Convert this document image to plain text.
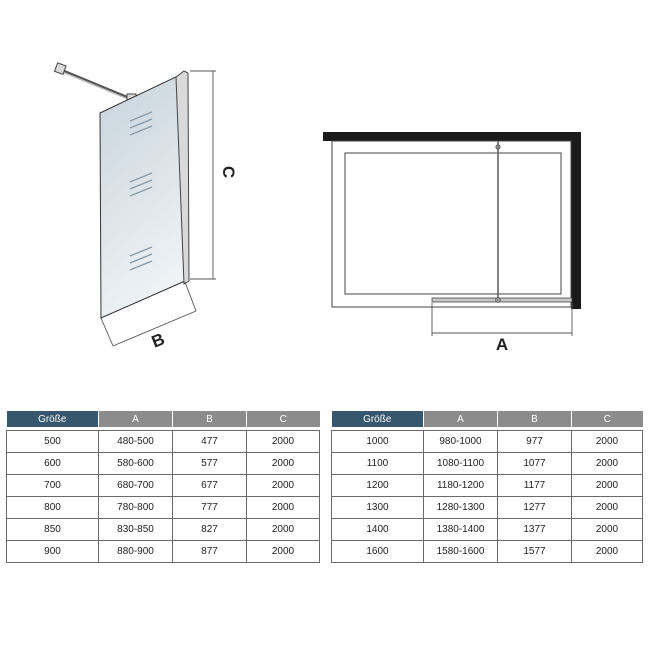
C
B	A
Größe	A	B	C

500	480-500	477	2000
600	580-600	577	2000
700	680-700	677	2000
800	780-800	777	2000
850	830-850	827	2000
900	880-900	877	2000
Größe	A	B	C

1000	980-1000	977	2000
1100	1080-1100	1077	2000
1200	1180-1200	1177	2000
1300	1280-1300	1277	2000
1400	1380-1400	1377	2000
1600	1580-1600	1577	2000
